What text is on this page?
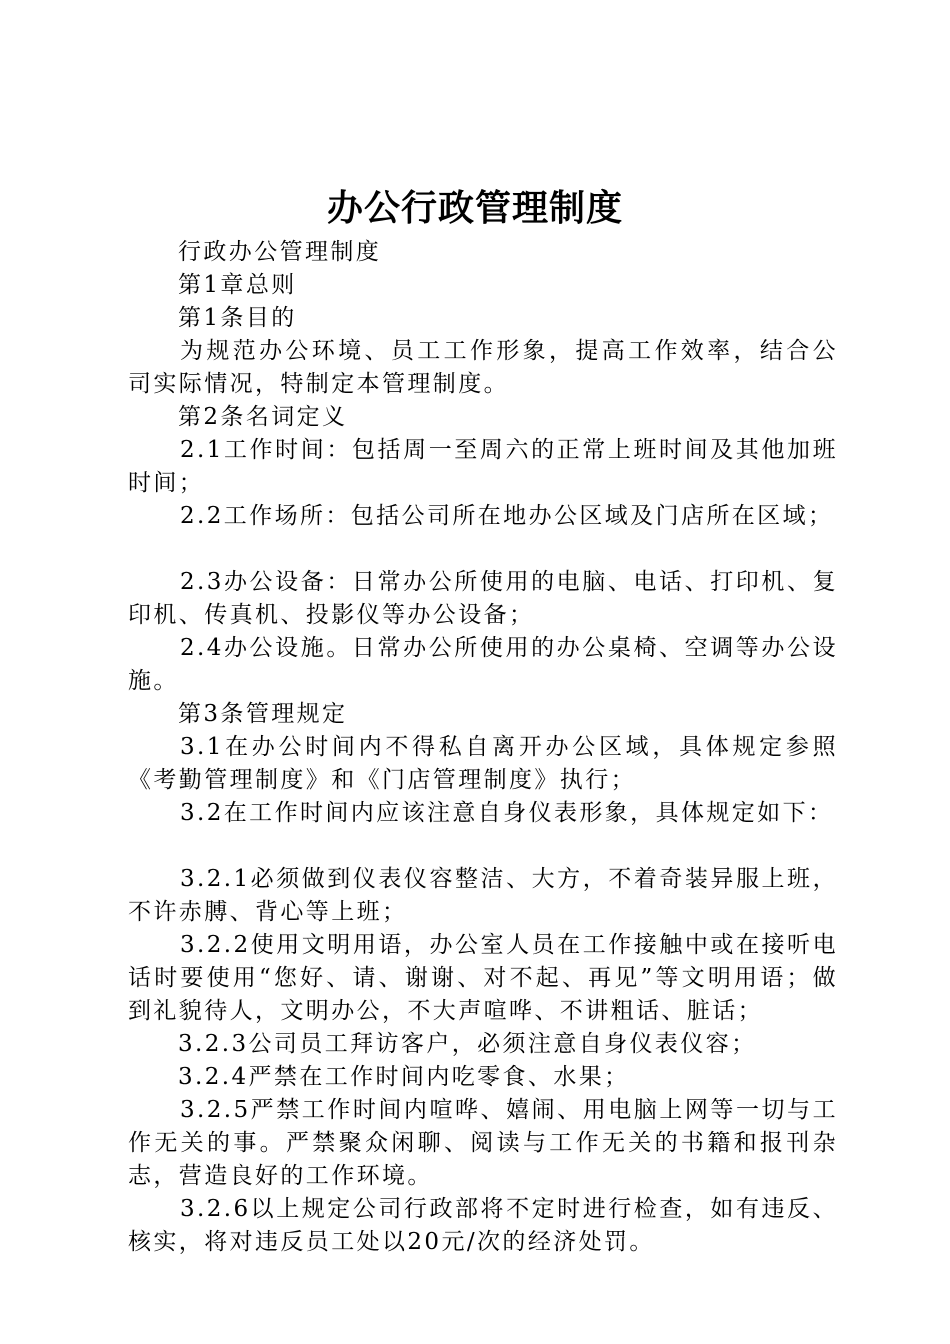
办公行政管理制度

行政办公管理制度

第1章总则

第1条目的

为规范办公环境、员工工作形象，提高工作效率，结合公司实际情况，特制定本管理制度。

第2条名词定义

2.1工作时间：包括周一至周六的正常上班时间及其他加班时间；

2.2工作场所：包括公司所在地办公区域及门店所在区域；

2.3办公设备：日常办公所使用的电脑、电话、打印机、复印机、传真机、投影仪等办公设备；

2.4办公设施。日常办公所使用的办公桌椅、空调等办公设施。

第3条管理规定

3.1在办公时间内不得私自离开办公区域，具体规定参照《考勤管理制度》和《门店管理制度》执行；

3.2在工作时间内应该注意自身仪表形象，具体规定如下：

3.2.1必须做到仪表仪容整洁、大方，不着奇装异服上班，不许赤膊、背心等上班；

3.2.2使用文明用语，办公室人员在工作接触中或在接听电话时要使用“您好、请、谢谢、对不起、再见”等文明用语；做到礼貌待人，文明办公，不大声喧哗、不讲粗话、脏话；

3.2.3公司员工拜访客户，必须注意自身仪表仪容；

3.2.4严禁在工作时间内吃零食、水果；

3.2.5严禁工作时间内喧哗、嬉闹、用电脑上网等一切与工作无关的事。严禁聚众闲聊、阅读与工作无关的书籍和报刊杂志，营造良好的工作环境。

3.2.6以上规定公司行政部将不定时进行检查，如有违反、核实，将对违反员工处以20元/次的经济处罚。
